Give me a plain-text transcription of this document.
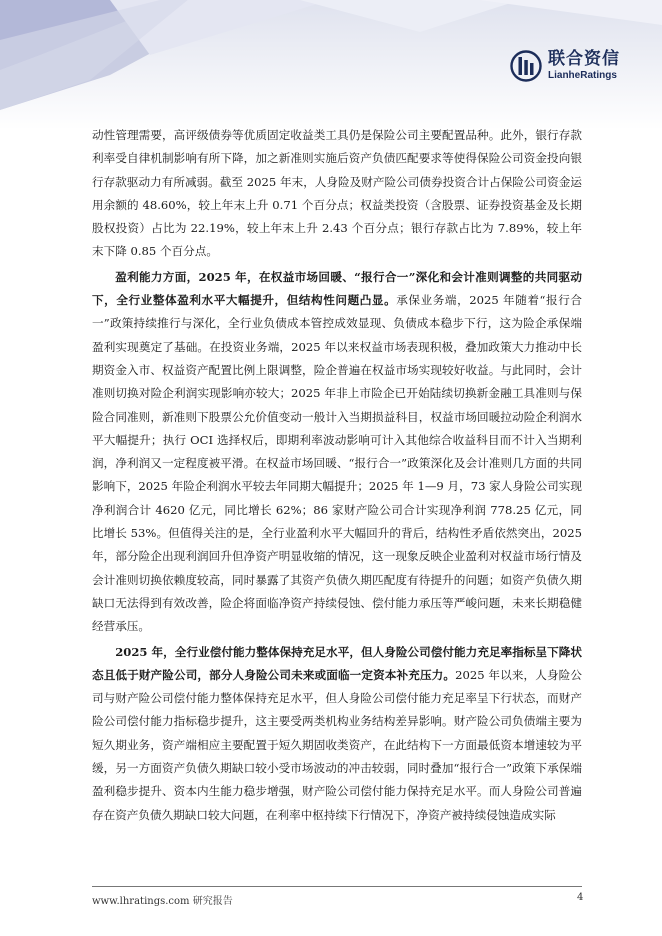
联合资信
LianheRatings

动性管理需要，高评级债券等优质固定收益类工具仍是保险公司主要配置品种。此外，银行存款利率受自律机制影响有所下降，加之新准则实施后资产负债匹配要求等使得保险公司资金投向银行存款驱动力有所减弱。截至 2025 年末，人身险及财产险公司债券投资合计占保险公司资金运用余额的 48.60%，较上年末上升 0.71 个百分点；权益类投资（含股票、证券投资基金及长期股权投资）占比为 22.19%，较上年末上升 2.43 个百分点；银行存款占比为 7.89%，较上年末下降 0.85 个百分点。

盈利能力方面，2025 年，在权益市场回暖、“报行合一”深化和会计准则调整的共同驱动下，全行业整体盈利水平大幅提升，但结构性问题凸显。承保业务端，2025 年随着“报行合一”政策持续推行与深化，全行业负债成本管控成效显现、负债成本稳步下行，这为险企承保端盈利实现奠定了基础。在投资业务端，2025 年以来权益市场表现积极，叠加政策大力推动中长期资金入市、权益资产配置比例上限调整，险企普遍在权益市场实现较好收益。与此同时，会计准则切换对险企利润实现影响亦较大；2025 年非上市险企已开始陆续切换新金融工具准则与保险合同准则，新准则下股票公允价值变动一般计入当期损益科目，权益市场回暖拉动险企利润水平大幅提升；执行 OCI 选择权后，即期利率波动影响可计入其他综合收益科目而不计入当期利润，净利润又一定程度被平滑。在权益市场回暖、“报行合一”政策深化及会计准则几方面的共同影响下，2025 年险企利润水平较去年同期大幅提升；2025 年 1—9 月，73 家人身险公司实现净利润合计 4620 亿元，同比增长 62%；86 家财产险公司合计实现净利润 778.25 亿元，同比增长 53%。但值得关注的是，全行业盈利水平大幅回升的背后，结构性矛盾依然突出，2025 年，部分险企出现利润回升但净资产明显收缩的情况，这一现象反映企业盈利对权益市场行情及会计准则切换依赖度较高，同时暴露了其资产负债久期匹配度有待提升的问题；如资产负债久期缺口无法得到有效改善，险企将面临净资产持续侵蚀、偿付能力承压等严峻问题，未来长期稳健经营承压。

2025 年，全行业偿付能力整体保持充足水平，但人身险公司偿付能力充足率指标呈下降状态且低于财产险公司，部分人身险公司未来或面临一定资本补充压力。2025 年以来，人身险公司与财产险公司偿付能力整体保持充足水平，但人身险公司偿付能力充足率呈下行状态，而财产险公司偿付能力指标稳步提升，这主要受两类机构业务结构差异影响。财产险公司负债端主要为短久期业务，资产端相应主要配置于短久期固收类资产，在此结构下一方面最低资本增速较为平缓，另一方面资产负债久期缺口较小受市场波动的冲击较弱，同时叠加“报行合一”政策下承保端盈利稳步提升、资本内生能力稳步增强，财产险公司偿付能力保持充足水平。而人身险公司普遍存在资产负债久期缺口较大问题，在利率中枢持续下行情况下，净资产被持续侵蚀造成实际

www.lhratings.com 研究报告	4
